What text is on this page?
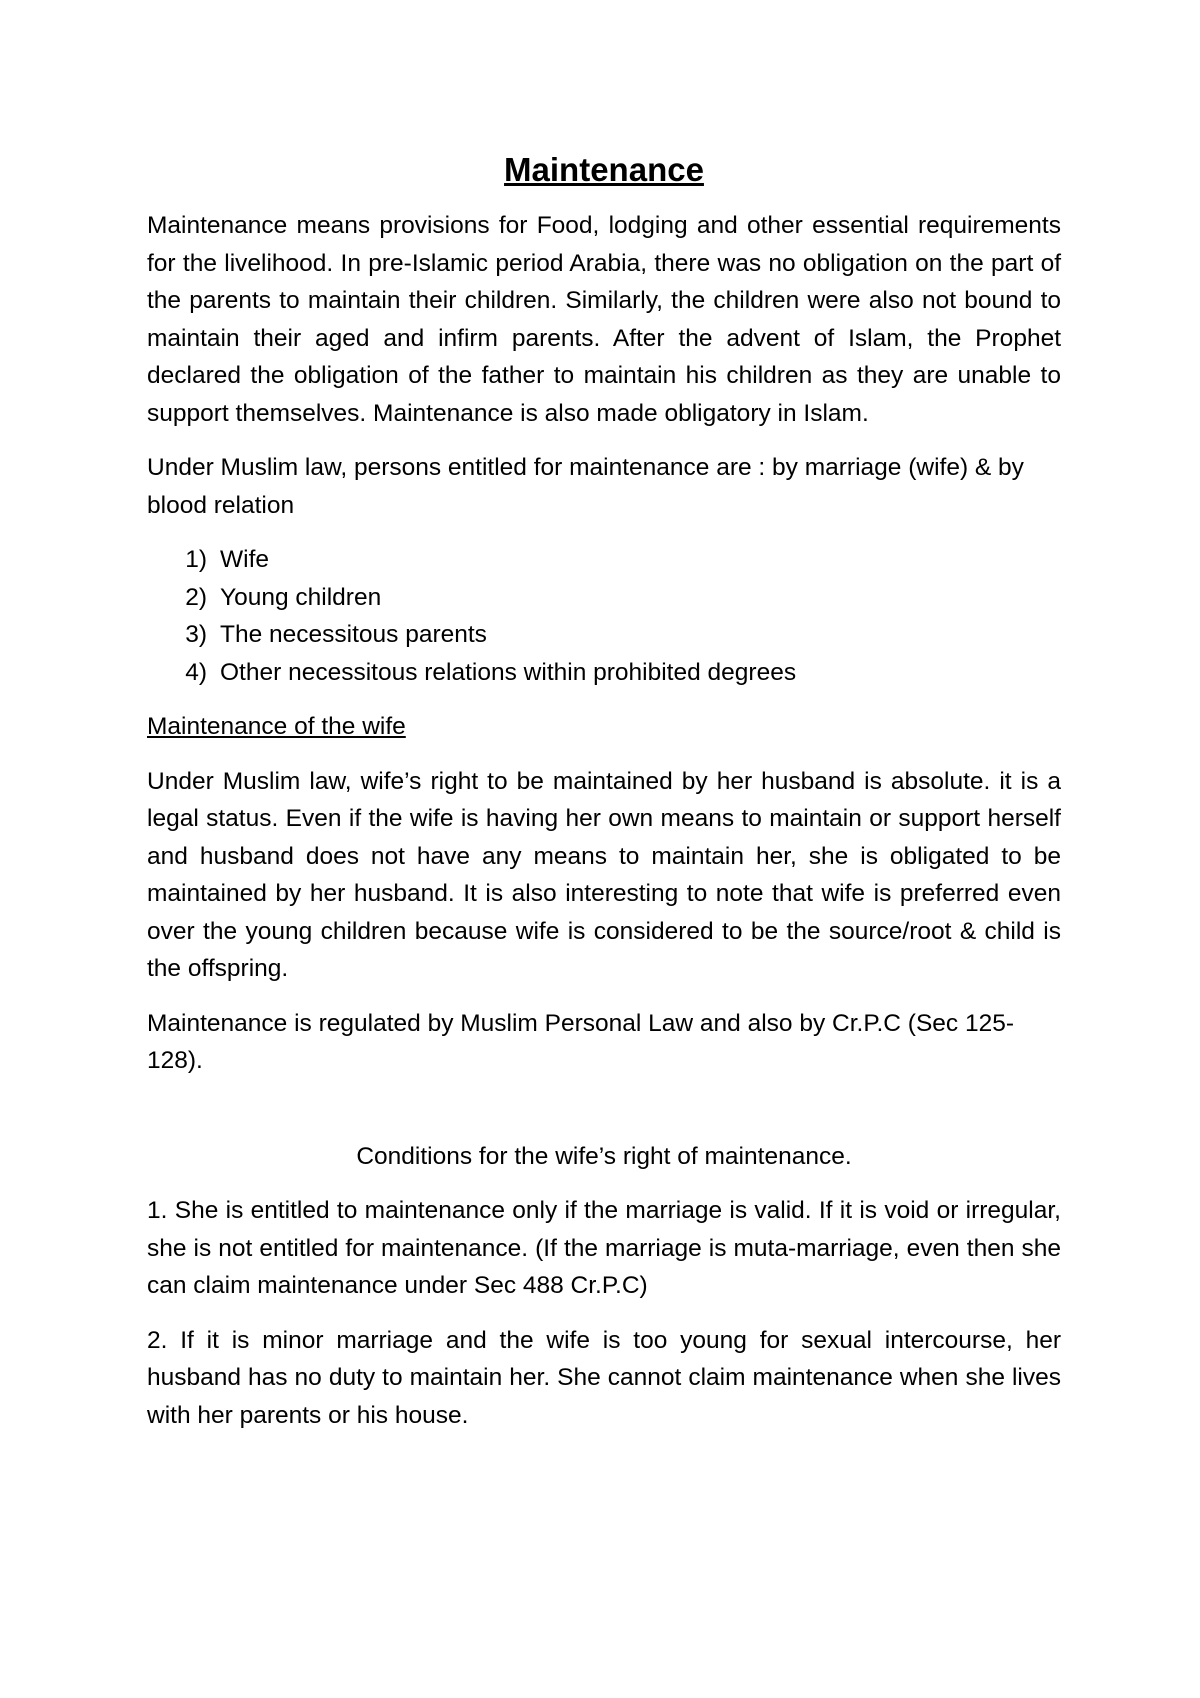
Maintenance

Maintenance means provisions for Food, lodging and other essential requirements for the livelihood. In pre-Islamic period Arabia, there was no obligation on the part of the parents to maintain their children. Similarly, the children were also not bound to maintain their aged and infirm parents. After the advent of Islam, the Prophet declared the obligation of the father to maintain his children as they are unable to support themselves. Maintenance is also made obligatory in Islam.

Under Muslim law, persons entitled for maintenance are : by marriage (wife) & by blood relation

1) Wife
2) Young children
3) The necessitous parents
4) Other necessitous relations within prohibited degrees
Maintenance of the wife

Under Muslim law, wife’s right to be maintained by her husband is absolute. it is a legal status. Even if the wife is having her own means to maintain or support herself and husband does not have any means to maintain her, she is obligated to be maintained by her husband. It is also interesting to note that wife is preferred even over the young children because wife is considered to be the source/root & child is the offspring.

Maintenance is regulated by Muslim Personal Law and also by Cr.P.C (Sec 125-128).

Conditions for the wife’s right of maintenance.

1. She is entitled to maintenance only if the marriage is valid. If it is void or irregular, she is not entitled for maintenance. (If the marriage is muta-marriage, even then she can claim maintenance under Sec 488 Cr.P.C)

2. If it is minor marriage and the wife is too young for sexual intercourse, her husband has no duty to maintain her. She cannot claim maintenance when she lives with her parents or his house.
